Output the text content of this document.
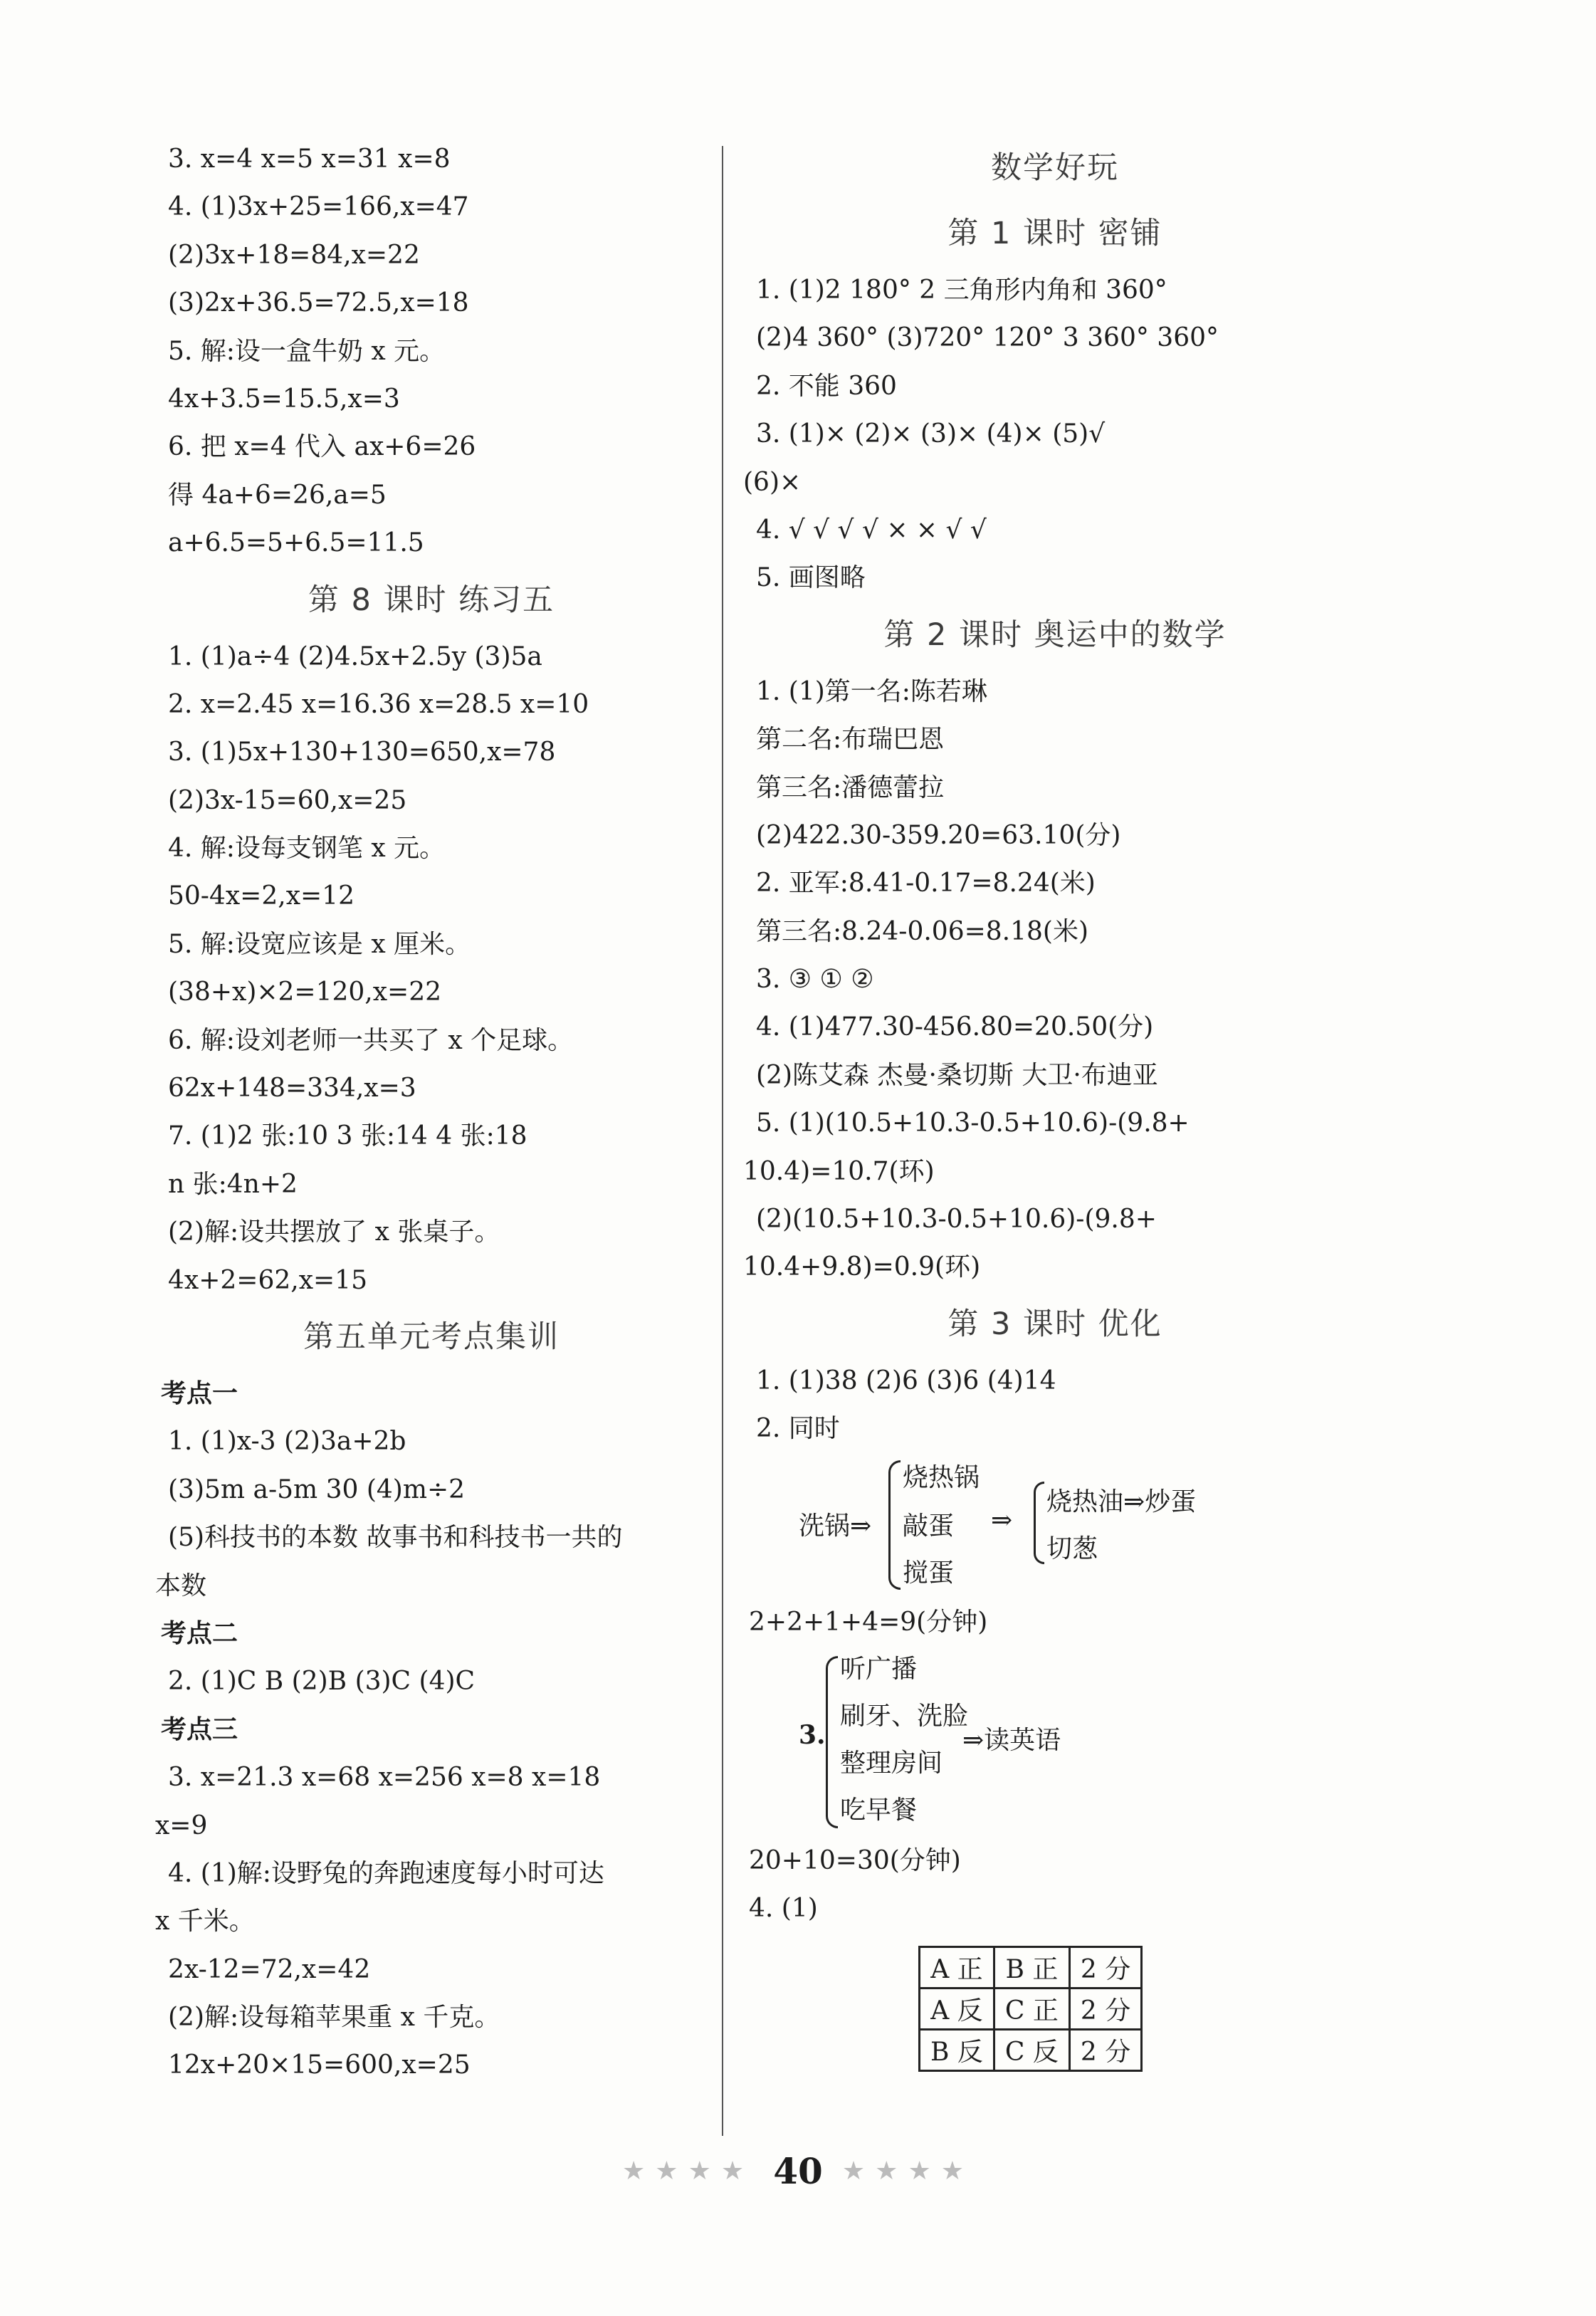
3. x=4 x=5 x=31 x=8
4. (1)3x+25=166,x=47
(2)3x+18=84,x=22
(3)2x+36.5=72.5,x=18
5. 解:设一盒牛奶 x 元。
4x+3.5=15.5,x=3
6. 把 x=4 代入 ax+6=26
得 4a+6=26,a=5
a+6.5=5+6.5=11.5
第 8 课时 练习五
1. (1)a÷4 (2)4.5x+2.5y (3)5a
2. x=2.45 x=16.36 x=28.5 x=10
3. (1)5x+130+130=650,x=78
(2)3x-15=60,x=25
4. 解:设每支钢笔 x 元。
50-4x=2,x=12
5. 解:设宽应该是 x 厘米。
(38+x)×2=120,x=22
6. 解:设刘老师一共买了 x 个足球。
62x+148=334,x=3
7. (1)2 张:10 3 张:14 4 张:18
n 张:4n+2
(2)解:设共摆放了 x 张桌子。
4x+2=62,x=15
第五单元考点集训
考点一
1. (1)x-3 (2)3a+2b
(3)5m a-5m 30 (4)m÷2
(5)科技书的本数 故事书和科技书一共的
本数
考点二
2. (1)C B (2)B (3)C (4)C
考点三
3. x=21.3 x=68 x=256 x=8 x=18
x=9
4. (1)解:设野兔的奔跑速度每小时可达
x 千米。
2x-12=72,x=42
(2)解:设每箱苹果重 x 千克。
12x+20×15=600,x=25
数学好玩
第 1 课时 密铺
1. (1)2 180° 2 三角形内角和 360°
(2)4 360° (3)720° 120° 3 360° 360°
2. 不能 360
3. (1)× (2)× (3)× (4)× (5)√
(6)×
4. √ √ √ √ × × √ √
5. 画图略
第 2 课时 奥运中的数学
1. (1)第一名:陈若琳
第二名:布瑞巴恩
第三名:潘德蕾拉
(2)422.30-359.20=63.10(分)
2. 亚军:8.41-0.17=8.24(米)
第三名:8.24-0.06=8.18(米)
3. ③ ① ②
4. (1)477.30-456.80=20.50(分)
(2)陈艾森 杰曼·桑切斯 大卫·布迪亚
5. (1)(10.5+10.3-0.5+10.6)-(9.8+
10.4)=10.7(环)
(2)(10.5+10.3-0.5+10.6)-(9.8+
10.4+9.8)=0.9(环)
第 3 课时 优化
1. (1)38 (2)6 (3)6 (4)14
2. 同时
洗锅⇒
烧热锅
敲蛋
搅蛋
⇒
烧热油⇒炒蛋
切葱
2+2+1+4=9(分钟)
3.
听广播
刷牙、洗脸
整理房间
吃早餐
⇒读英语
20+10=30(分钟)
4. (1)
A 正	B 正	2 分
A 反	C 正	2 分
B 反	C 反	2 分
★★★★ 40 ★★★★
